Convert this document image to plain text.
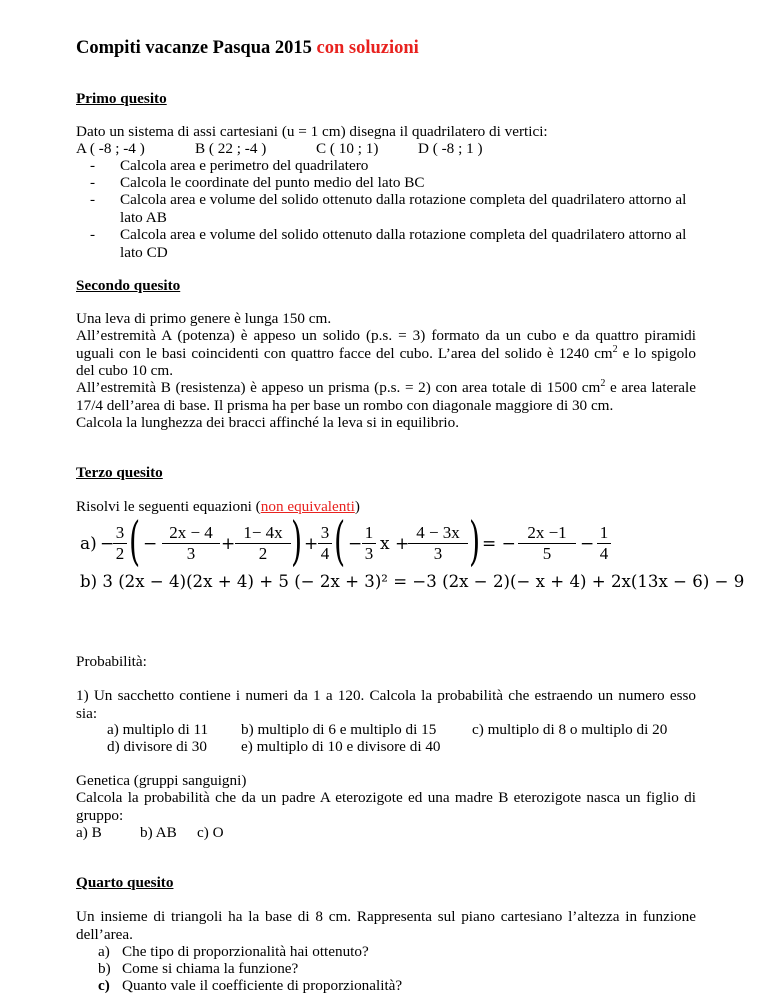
Compiti vacanze Pasqua 2015 con soluzioni
Primo quesito
Dato un sistema di assi cartesiani (u = 1 cm) disegna il quadrilatero di vertici:
A ( -8 ; -4 )	B ( 22 ; -4 )	C ( 10 ; 1)	D ( -8 ; 1 )
- Calcola area e perimetro del quadrilatero
- Calcola le coordinate del punto medio del lato BC
- Calcola area e volume del solido ottenuto dalla rotazione completa del quadrilatero attorno al lato AB
- Calcola area e volume del solido ottenuto dalla rotazione completa del quadrilatero attorno al lato CD
Secondo quesito
Una leva di primo genere è lunga 150 cm.
All’estremità A (potenza) è appeso un solido (p.s. = 3) formato da un cubo e da quattro piramidi uguali con le basi coincidenti con quattro facce del cubo. L’area del solido è 1240 $cm^2$ e lo spigolo del cubo 10 cm.
All’estremità B (resistenza) è appeso un prisma (p.s. = 2) con area totale di 1500 $cm^2$ e area laterale 17/4 dell’area di base. Il prisma ha per base un rombo con diagonale maggiore di 30 cm.
Calcola la lunghezza dei bracci affinché la leva si in equilibrio.
Terzo quesito
Risolvi le seguenti equazioni (non equivalenti)
a) −
3
2 ( −
2x − 4
3	+
1− 4x
2 ) +
3
4 ( −
1
3 x +
4 − 3x
3 ) = −
2x −1
5	−
1
4
b) 3 (2x − 4)(2x + 4) + 5 (− 2x + 3)² = −3 (2x − 2)(− x + 4) + 2x(13x − 6) − 9
Probabilità:
1) Un sacchetto contiene i numeri da 1 a 120. Calcola la probabilità che estraendo un numero esso sia:
a) multiplo di 11 b) multiplo di 6 e multiplo di 15 c) multiplo di 8 o multiplo di 20
d) divisore di 30 e) multiplo di 10 e divisore di 40
Genetica (gruppi sanguigni)
Calcola la probabilità che da un padre A eterozigote ed una madre B eterozigote nasca un figlio di gruppo:
a) B	b) AB c) O
Quarto quesito
Un insieme di triangoli ha la base di 8 cm. Rappresenta sul piano cartesiano l’altezza in funzione dell’area.
a) Che tipo di proporzionalità hai ottenuto?
b) Come si chiama la funzione?
c) Quanto vale il coefficiente di proporzionalità?
